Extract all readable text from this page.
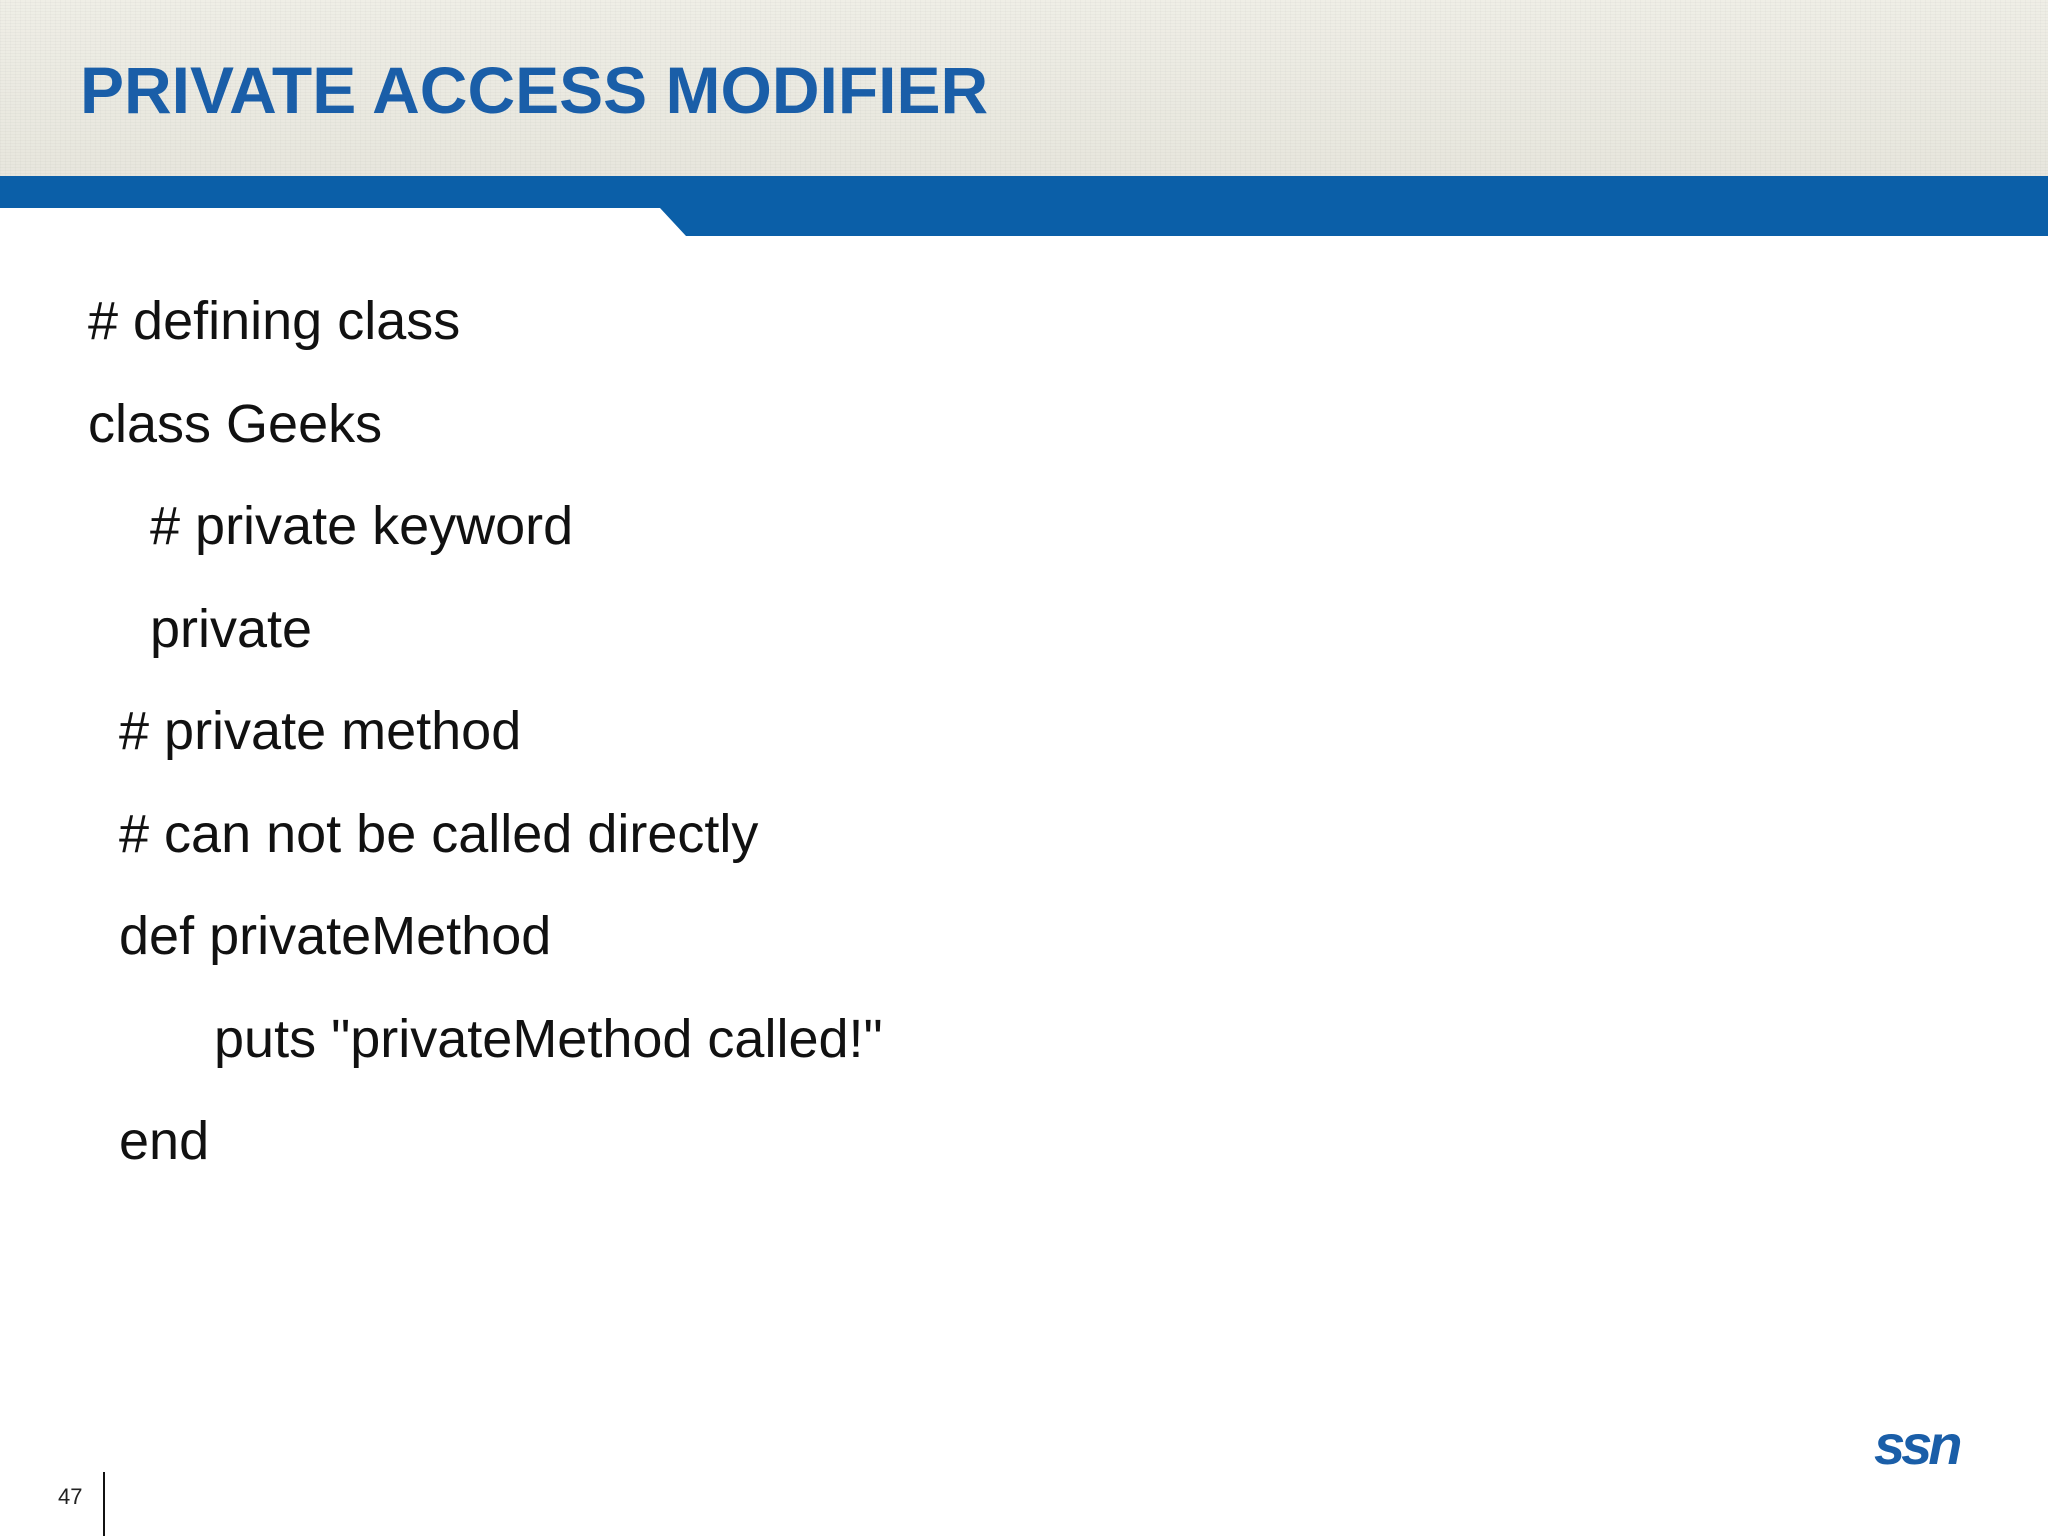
PRIVATE ACCESS MODIFIER
# defining class
class Geeks
# private keyword
private
# private method
# can not be called directly
def privateMethod
puts "privateMethod called!"
end
47
ssn
